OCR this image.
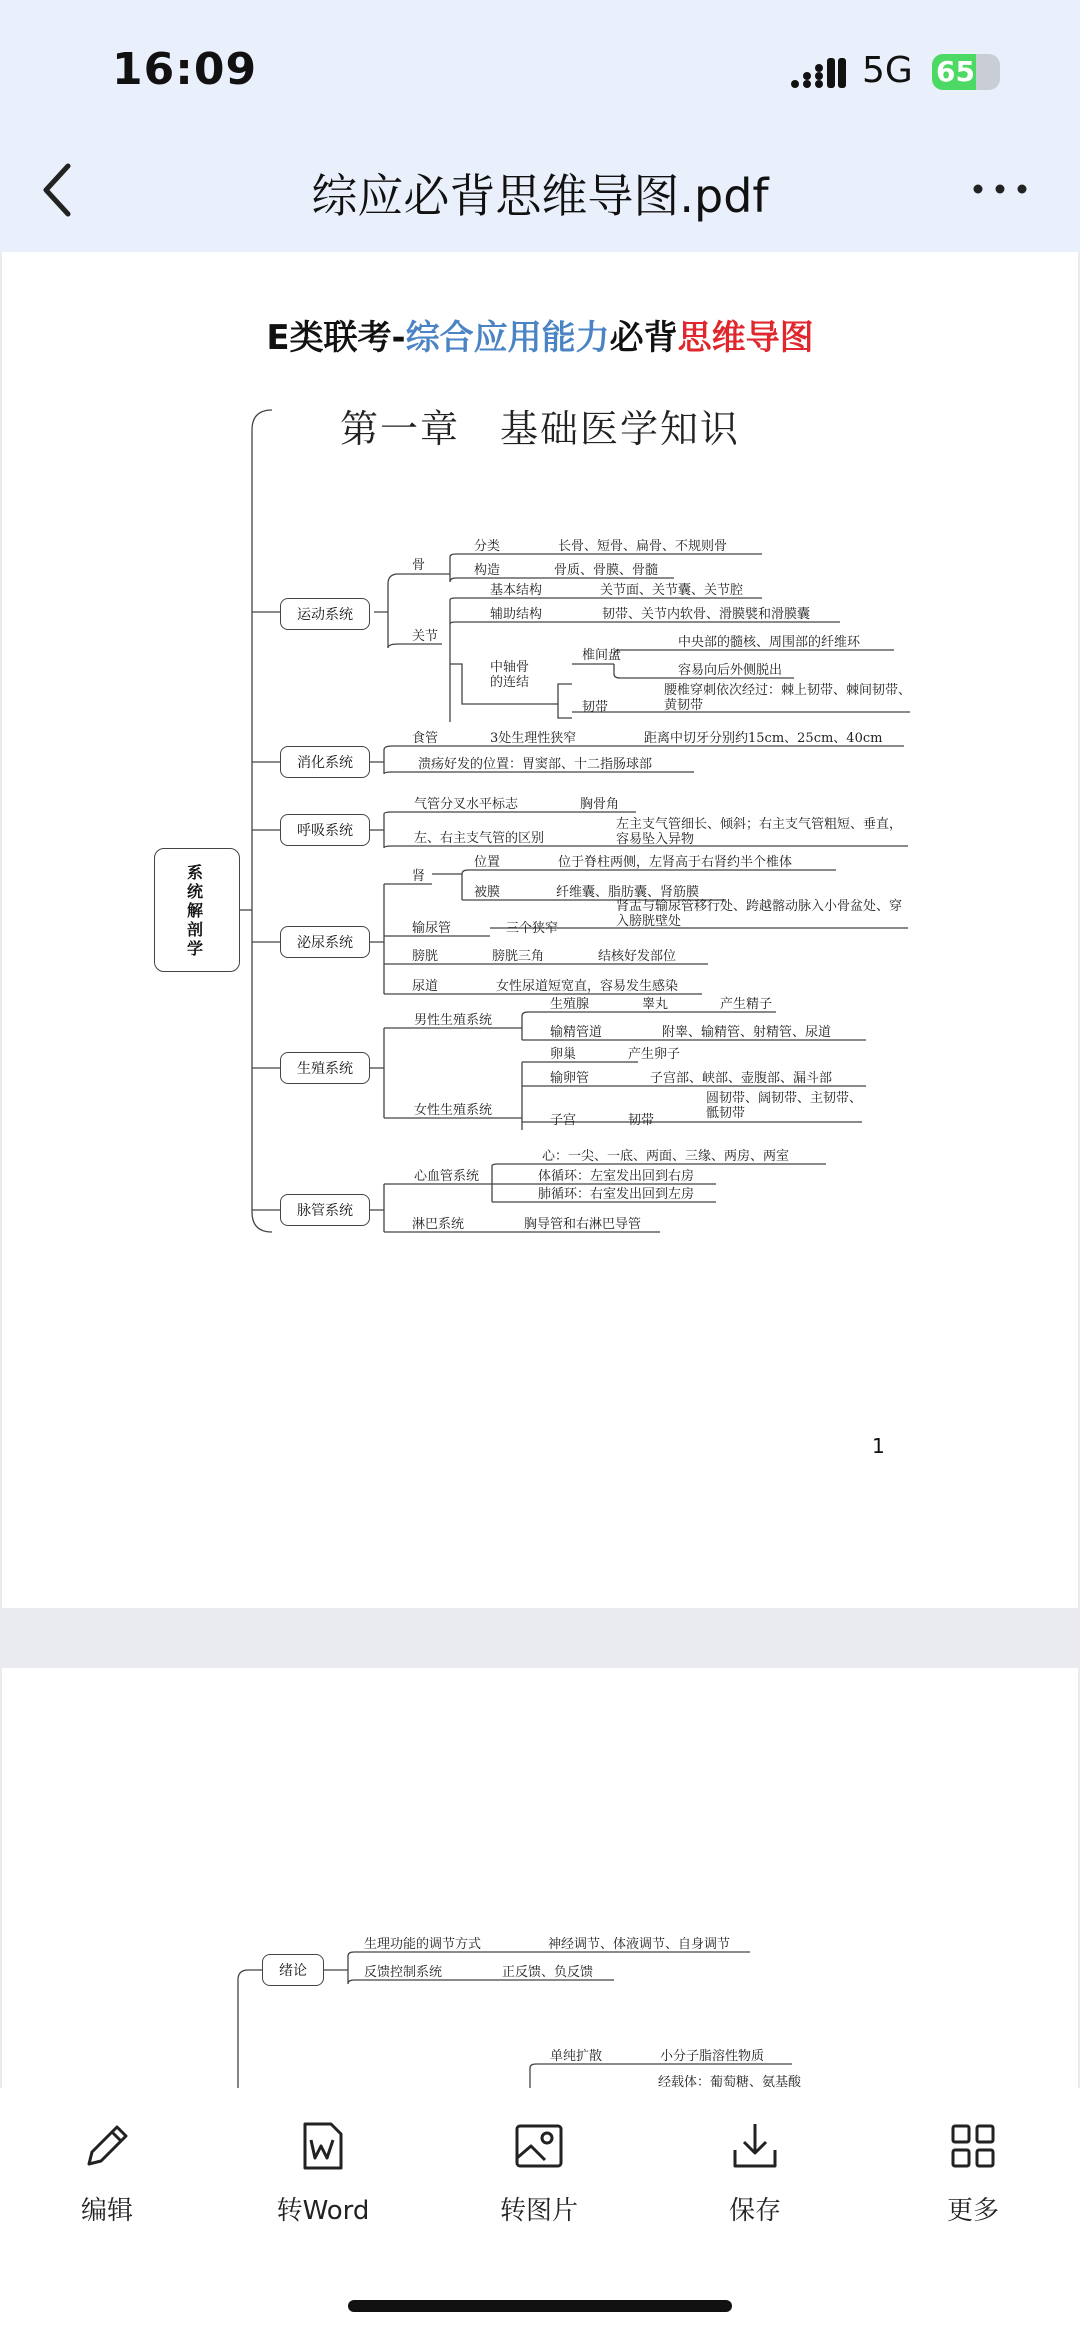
16:09	5G 65
综应必背思维导图.pdf
E类联考-综合应用能力必背思维导图
第一章　基础医学知识
系统解剖学
运动系统
消化系统
呼吸系统
泌尿系统
生殖系统
脉管系统
骨
分类	长骨、短骨、扁骨、不规则骨
构造	骨质、骨膜、骨髓
关节
基本结构	关节面、关节囊、关节腔
辅助结构	韧带、关节内软骨、滑膜襞和滑膜囊
中轴骨
的连结
椎间盘
中央部的髓核、周围部的纤维环
容易向后外侧脱出
韧带
腰椎穿刺依次经过：棘上韧带、棘间韧带、黄韧带
食管	3处生理性狭窄	距离中切牙分别约15cm、25cm、40cm
溃疡好发的位置：胃窦部、十二指肠球部
气管分叉水平标志	胸骨角
左、右主支气管的区别
左主支气管细长、倾斜；右主支气管粗短、垂直，容易坠入异物
肾
位置	位于脊柱两侧，左肾高于右肾约半个椎体
被膜	纤维囊、脂肪囊、肾筋膜
输尿管	三个狭窄
肾盂与输尿管移行处、跨越髂动脉入小骨盆处、穿入膀胱壁处
膀胱	膀胱三角	结核好发部位
尿道	女性尿道短宽直，容易发生感染
男性生殖系统
生殖腺	睾丸	产生精子
输精管道	附睾、输精管、射精管、尿道
女性生殖系统
卵巢	产生卵子
输卵管	子宫部、峡部、壶腹部、漏斗部
子宫	韧带
圆韧带、阔韧带、主韧带、骶韧带
心血管系统
心：一尖、一底、两面、三缘、两房、两室
体循环：左室发出回到右房
肺循环：右室发出回到左房
淋巴系统	胸导管和右淋巴导管
1
绪论
生理功能的调节方式	神经调节、体液调节、自身调节
反馈控制系统	正反馈、负反馈
单纯扩散	小分子脂溶性物质
经载体：葡萄糖、氨基酸
编辑	转Word	转图片	保存	更多
